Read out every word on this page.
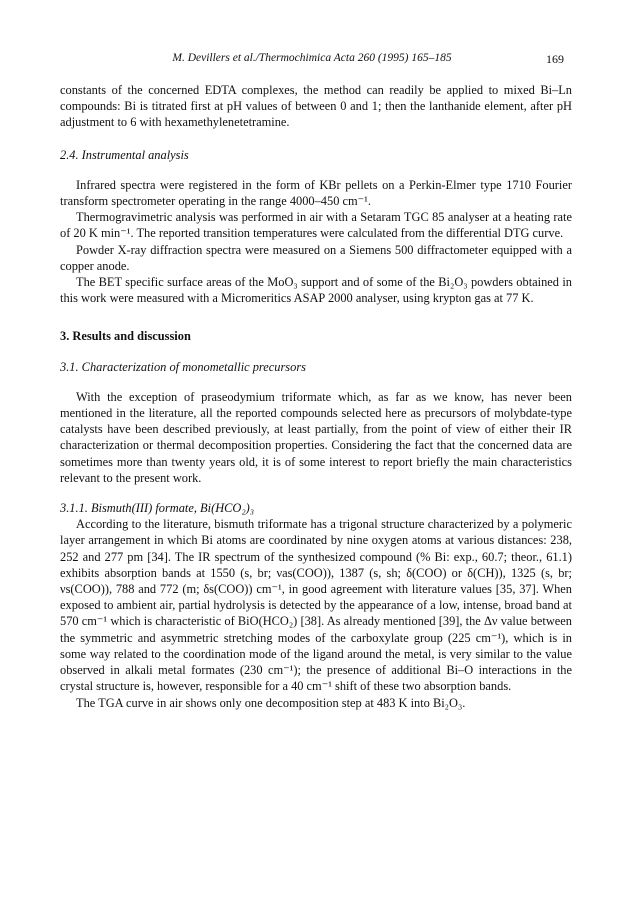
M. Devillers et al./Thermochimica Acta 260 (1995) 165–185	169

constants of the concerned EDTA complexes, the method can readily be applied to mixed Bi–Ln compounds: Bi is titrated first at pH values of between 0 and 1; then the lanthanide element, after pH adjustment to 6 with hexamethylenetetramine.

2.4. Instrumental analysis

Infrared spectra were registered in the form of KBr pellets on a Perkin-Elmer type 1710 Fourier transform spectrometer operating in the range 4000–450 cm⁻¹.

Thermogravimetric analysis was performed in air with a Setaram TGC 85 analyser at a heating rate of 20 K min⁻¹. The reported transition temperatures were calculated from the differential DTG curve.

Powder X-ray diffraction spectra were measured on a Siemens 500 diffractometer equipped with a copper anode.

The BET specific surface areas of the MoO₃ support and of some of the Bi₂O₃ powders obtained in this work were measured with a Micromeritics ASAP 2000 analyser, using krypton gas at 77 K.

3. Results and discussion

3.1. Characterization of monometallic precursors

With the exception of praseodymium triformate which, as far as we know, has never been mentioned in the literature, all the reported compounds selected here as precursors of molybdate-type catalysts have been described previously, at least partially, from the point of view of either their IR characterization or thermal decomposition properties. Considering the fact that the concerned data are sometimes more than twenty years old, it is of some interest to report briefly the main characteristics relevant to the present work.

3.1.1. Bismuth(III) formate, Bi(HCO₂)₃

According to the literature, bismuth triformate has a trigonal structure characterized by a polymeric layer arrangement in which Bi atoms are coordinated by nine oxygen atoms at various distances: 238, 252 and 277 pm [34]. The IR spectrum of the synthesized compound (% Bi: exp., 60.7; theor., 61.1) exhibits absorption bands at 1550 (s, br; νas(COO)), 1387 (s, sh; δ(COO) or δ(CH)), 1325 (s, br; νs(COO)), 788 and 772 (m; δs(COO)) cm⁻¹, in good agreement with literature values [35, 37]. When exposed to ambient air, partial hydrolysis is detected by the appearance of a low, intense, broad band at 570 cm⁻¹ which is characteristic of BiO(HCO₂) [38]. As already mentioned [39], the Δν value between the symmetric and asymmetric stretching modes of the carboxylate group (225 cm⁻¹), which is in some way related to the coordination mode of the ligand around the metal, is very similar to the value observed in alkali metal formates (230 cm⁻¹); the presence of additional Bi–O interactions in the crystal structure is, however, responsible for a 40 cm⁻¹ shift of these two absorption bands.

The TGA curve in air shows only one decomposition step at 483 K into Bi₂O₃.
